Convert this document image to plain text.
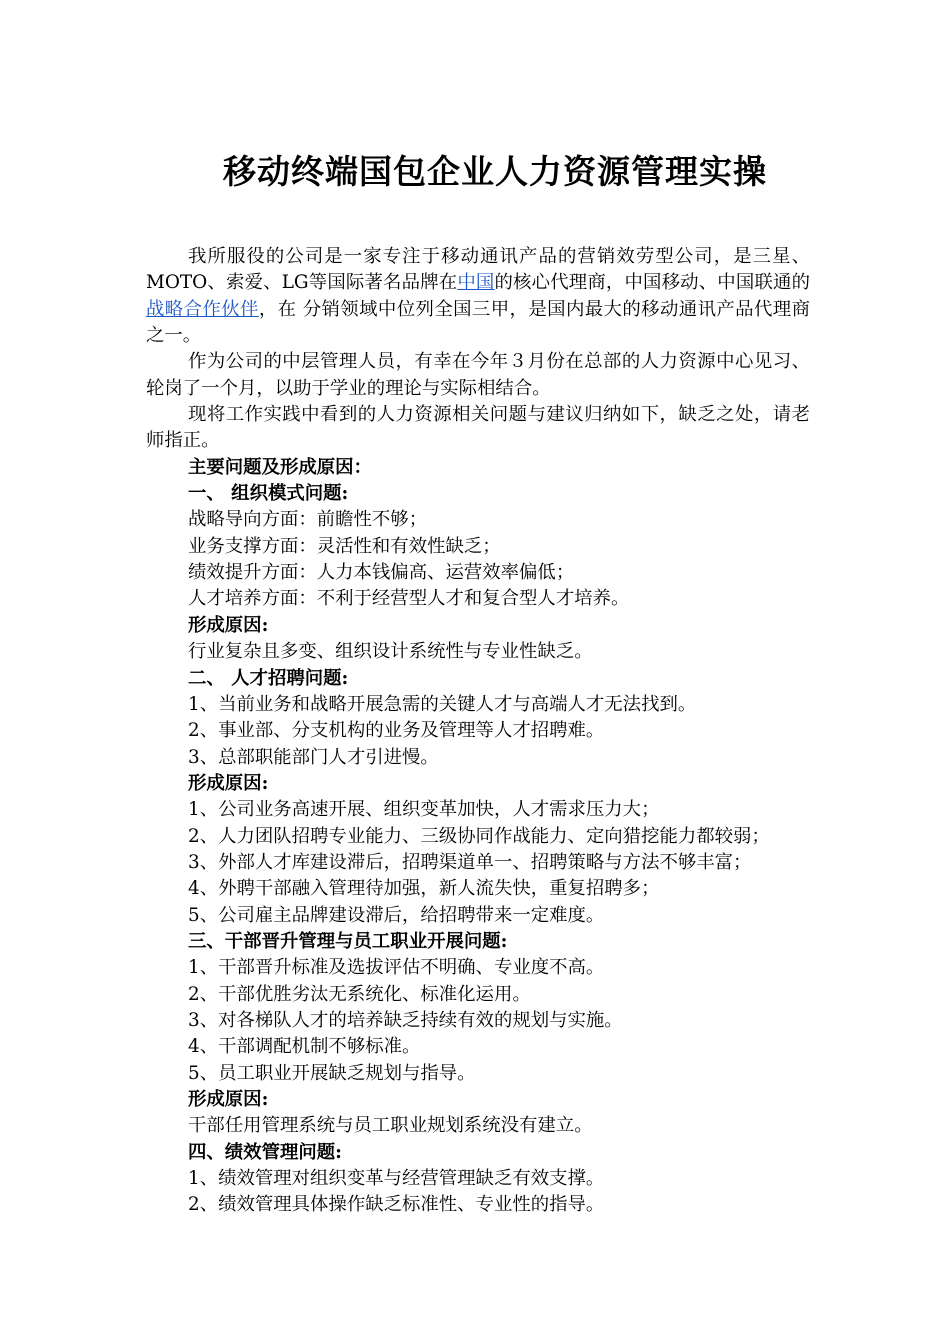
移动终端国包企业人力资源管理实操

我所服役的公司是一家专注于移动通讯产品的营销效劳型公司，是三星、MOTO、索爱、LG等国际著名品牌在中国的核心代理商，中国移动、中国联通的战略合作伙伴，在 分销领域中位列全国三甲，是国内最大的移动通讯产品代理商之一。

作为公司的中层管理人员，有幸在今年３月份在总部的人力资源中心见习、轮岗了一个月，以助于学业的理论与实际相结合。

现将工作实践中看到的人力资源相关问题与建议归纳如下，缺乏之处，请老师指正。

主要问题及形成原因：

一、 组织模式问题:

战略导向方面：前瞻性不够；

业务支撑方面：灵活性和有效性缺乏；

绩效提升方面：人力本钱偏高、运营效率偏低；

人才培养方面：不利于经营型人才和复合型人才培养。

形成原因:

行业复杂且多变、组织设计系统性与专业性缺乏。

二、 人才招聘问题:

1、当前业务和战略开展急需的关键人才与高端人才无法找到。

2、事业部、分支机构的业务及管理等人才招聘难。

3、总部职能部门人才引进慢。

形成原因:

1、公司业务高速开展、组织变革加快，人才需求压力大；

2、人力团队招聘专业能力、三级协同作战能力、定向猎挖能力都较弱；

3、外部人才库建设滞后，招聘渠道单一、招聘策略与方法不够丰富；

4、外聘干部融入管理待加强，新人流失快，重复招聘多；

5、公司雇主品牌建设滞后，给招聘带来一定难度。

三、干部晋升管理与员工职业开展问题:

1、干部晋升标准及选拔评估不明确、专业度不高。

2、干部优胜劣汰无系统化、标准化运用。

3、对各梯队人才的培养缺乏持续有效的规划与实施。

4、干部调配机制不够标准。

5、员工职业开展缺乏规划与指导。

形成原因:

干部任用管理系统与员工职业规划系统没有建立。

四、绩效管理问题:

1、绩效管理对组织变革与经营管理缺乏有效支撑。

2、绩效管理具体操作缺乏标准性、专业性的指导。
